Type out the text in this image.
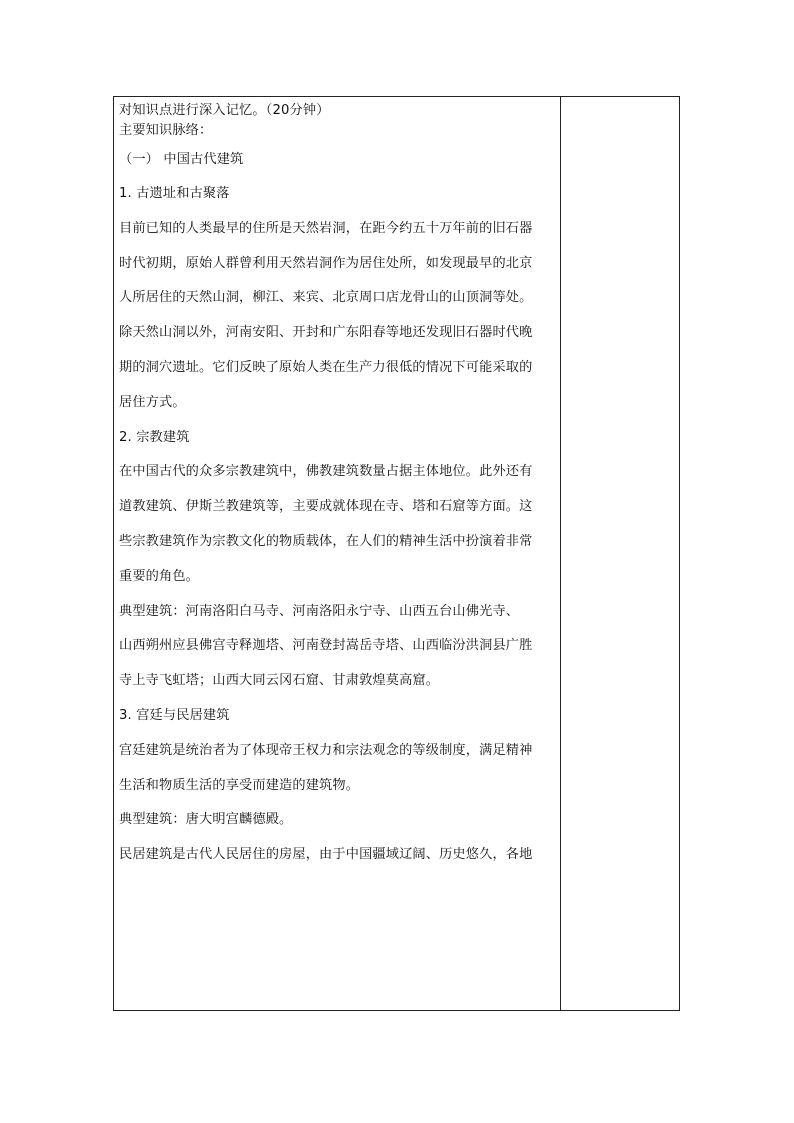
对知识点进行深入记忆。（20分钟）
主要知识脉络：
（一） 中国古代建筑
1. 古遗址和古聚落
目前已知的人类最早的住所是天然岩洞，在距今约五十万年前的旧石器
时代初期，原始人群曾利用天然岩洞作为居住处所，如发现最早的北京
人所居住的天然山洞，柳江、来宾、北京周口店龙骨山的山顶洞等处。
除天然山洞以外，河南安阳、开封和广东阳春等地还发现旧石器时代晚
期的洞穴遗址。它们反映了原始人类在生产力很低的情况下可能采取的
居住方式。
2. 宗教建筑
在中国古代的众多宗教建筑中，佛教建筑数量占据主体地位。此外还有
道教建筑、伊斯兰教建筑等，主要成就体现在寺、塔和石窟等方面。这
些宗教建筑作为宗教文化的物质载体，在人们的精神生活中扮演着非常
重要的角色。
典型建筑：河南洛阳白马寺、河南洛阳永宁寺、山西五台山佛光寺、
山西朔州应县佛宫寺释迦塔、河南登封嵩岳寺塔、山西临汾洪洞县广胜
寺上寺飞虹塔；山西大同云冈石窟、甘肃敦煌莫高窟。
3. 宫廷与民居建筑
宫廷建筑是统治者为了体现帝王权力和宗法观念的等级制度，满足精神
生活和物质生活的享受而建造的建筑物。
典型建筑：唐大明宫麟德殿。
民居建筑是古代人民居住的房屋，由于中国疆域辽阔、历史悠久，各地
